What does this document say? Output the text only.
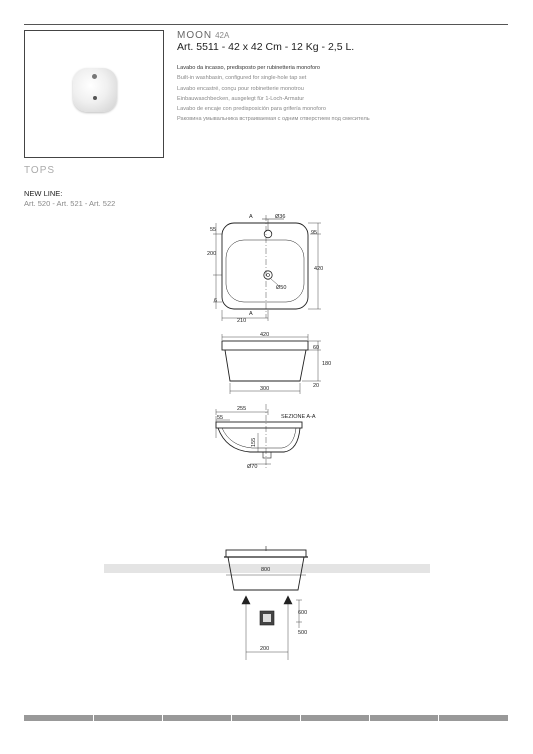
MOON 42A
Art. 5511 - 42 x 42 Cm - 12 Kg - 2,5 L.
Lavabo da incasso, predisposto per rubinetteria monoforo
Built-in washbasin, configured for single-hole tap set
Lavabo encastré, conçu pour robinetterie monotrou
Einbauwaschbecken, ausgelegt für 1-Loch-Armatur
Lavabo de encaje con predisposición para grifería monoforo
Раковина умывальника встраиваемая с одним отверстием под смеситель
TOPS
NEW LINE:
Art. 520 - Art. 521 - Art. 522
A	Ø36
55	95
200
420
Ø50
6
210
A
420
60
180
20
300
255
SEZIONE A-A
55
155
Ø70
800
600
500
200
